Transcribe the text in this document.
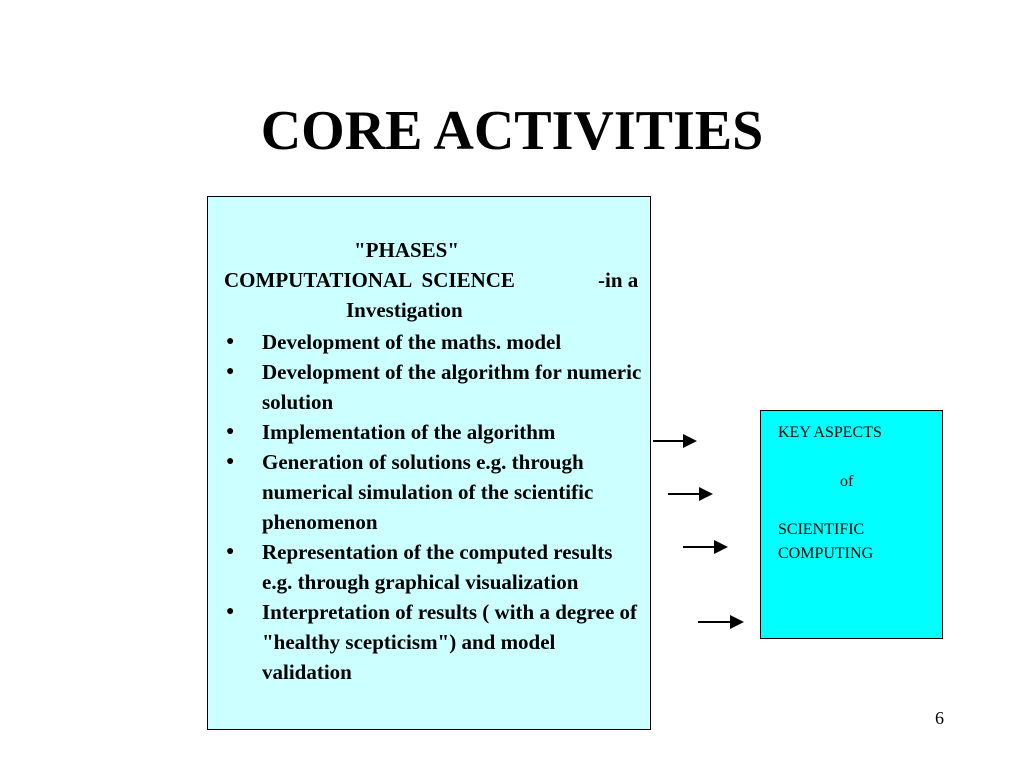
CORE ACTIVITIES

"PHASES"

-in a

COMPUTATIONAL  SCIENCE

Investigation

● Development of the maths. model
● Development of the algorithm for numeric solution
● Implementation of the algorithm
● Generation of solutions e.g. through numerical simulation of the scientific phenomenon
● Representation of the computed results e.g. through graphical visualization
● Interpretation of results ( with a degree of "healthy scepticism") and model validation
KEY ASPECTS
of
SCIENTIFIC
COMPUTING
6
